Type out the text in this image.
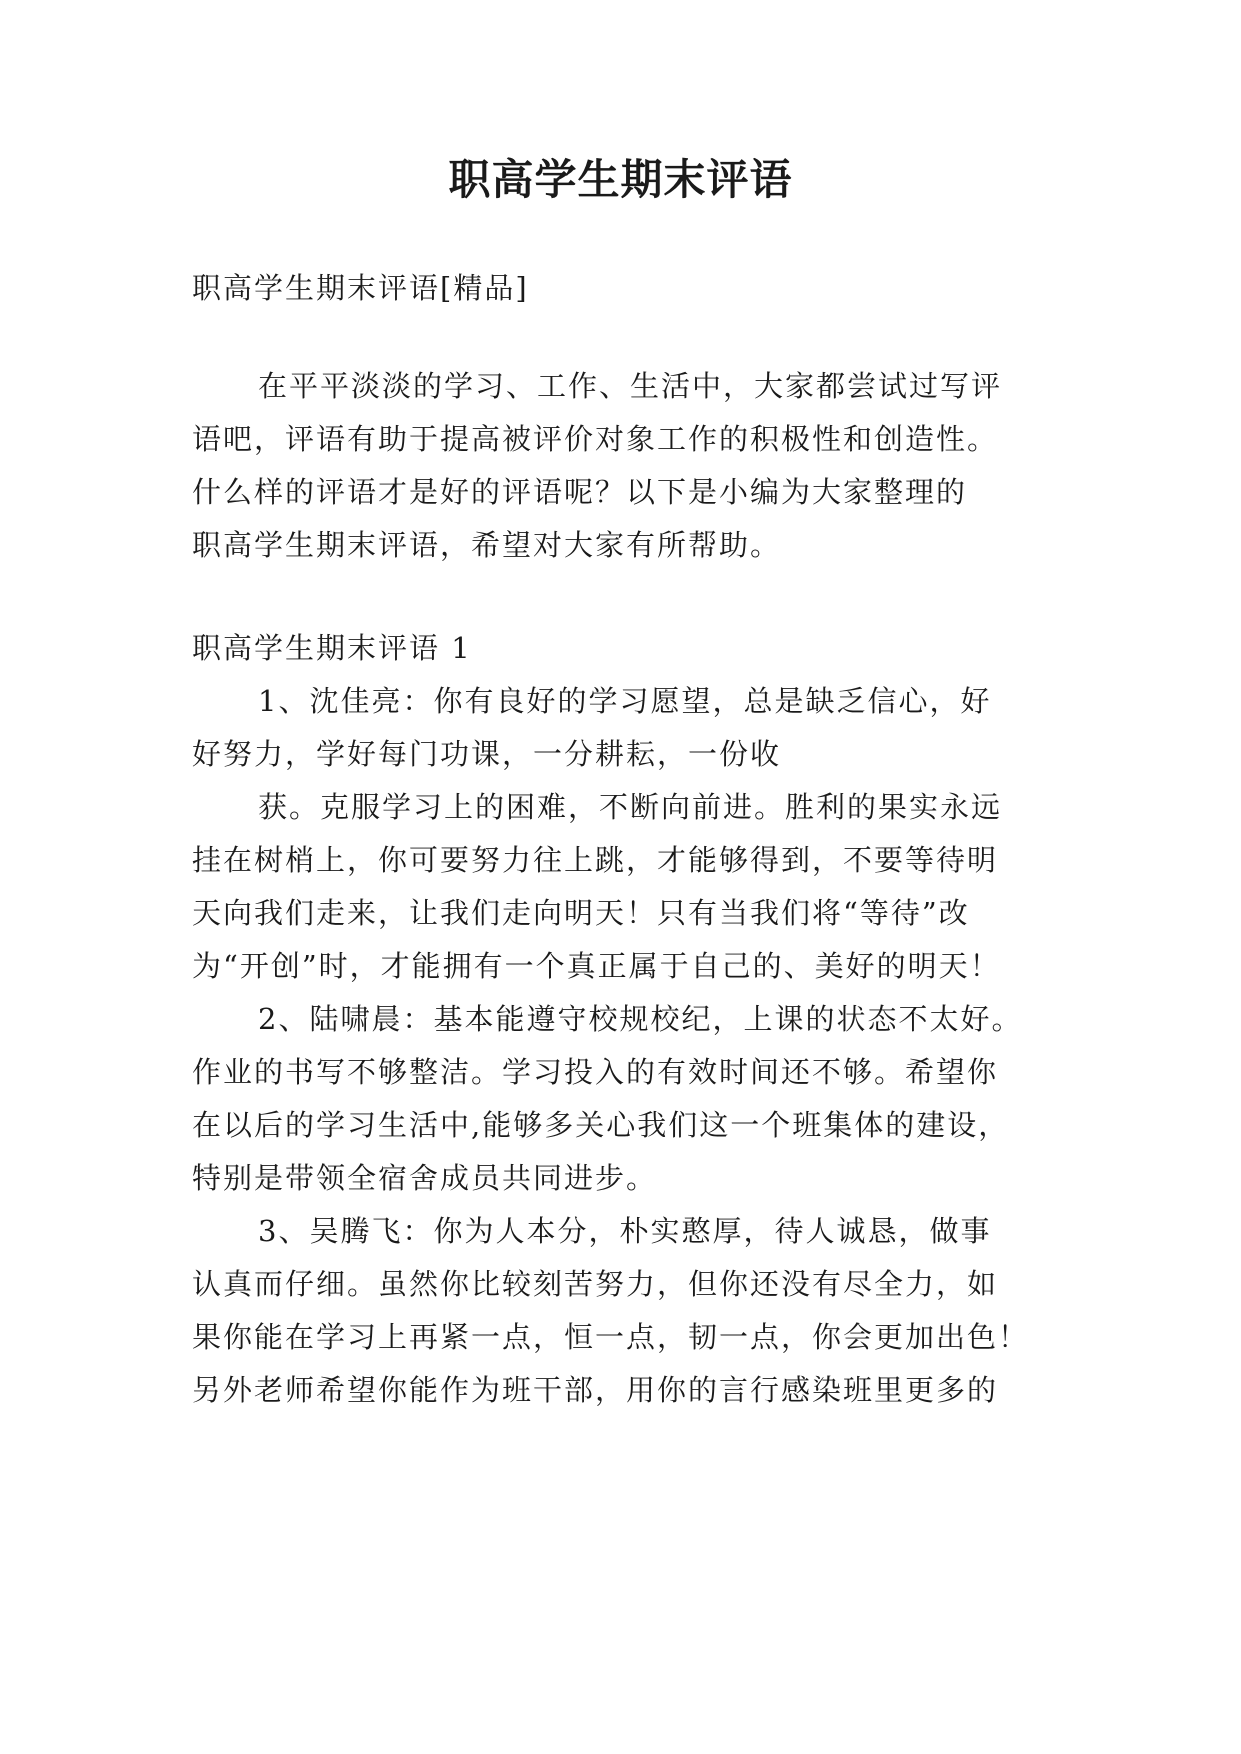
职高学生期末评语
职高学生期末评语[精品]
在平平淡淡的学习、工作、生活中，大家都尝试过写评
语吧，评语有助于提高被评价对象工作的积极性和创造性。
什么样的评语才是好的评语呢？以下是小编为大家整理的
职高学生期末评语，希望对大家有所帮助。
职高学生期末评语 1
1、沈佳亮：你有良好的学习愿望，总是缺乏信心，好
好努力，学好每门功课，一分耕耘，一份收
获。克服学习上的困难，不断向前进。胜利的果实永远
挂在树梢上，你可要努力往上跳，才能够得到，不要等待明
天向我们走来，让我们走向明天！只有当我们将“等待”改
为“开创”时，才能拥有一个真正属于自己的、美好的明天！
2、陆啸晨：基本能遵守校规校纪，上课的状态不太好。
作业的书写不够整洁。学习投入的有效时间还不够。希望你
在以后的学习生活中,能够多关心我们这一个班集体的建设，
特别是带领全宿舍成员共同进步。
3、吴腾飞：你为人本分，朴实憨厚，待人诚恳，做事
认真而仔细。虽然你比较刻苦努力，但你还没有尽全力，如
果你能在学习上再紧一点，恒一点，韧一点，你会更加出色！
另外老师希望你能作为班干部，用你的言行感染班里更多的
